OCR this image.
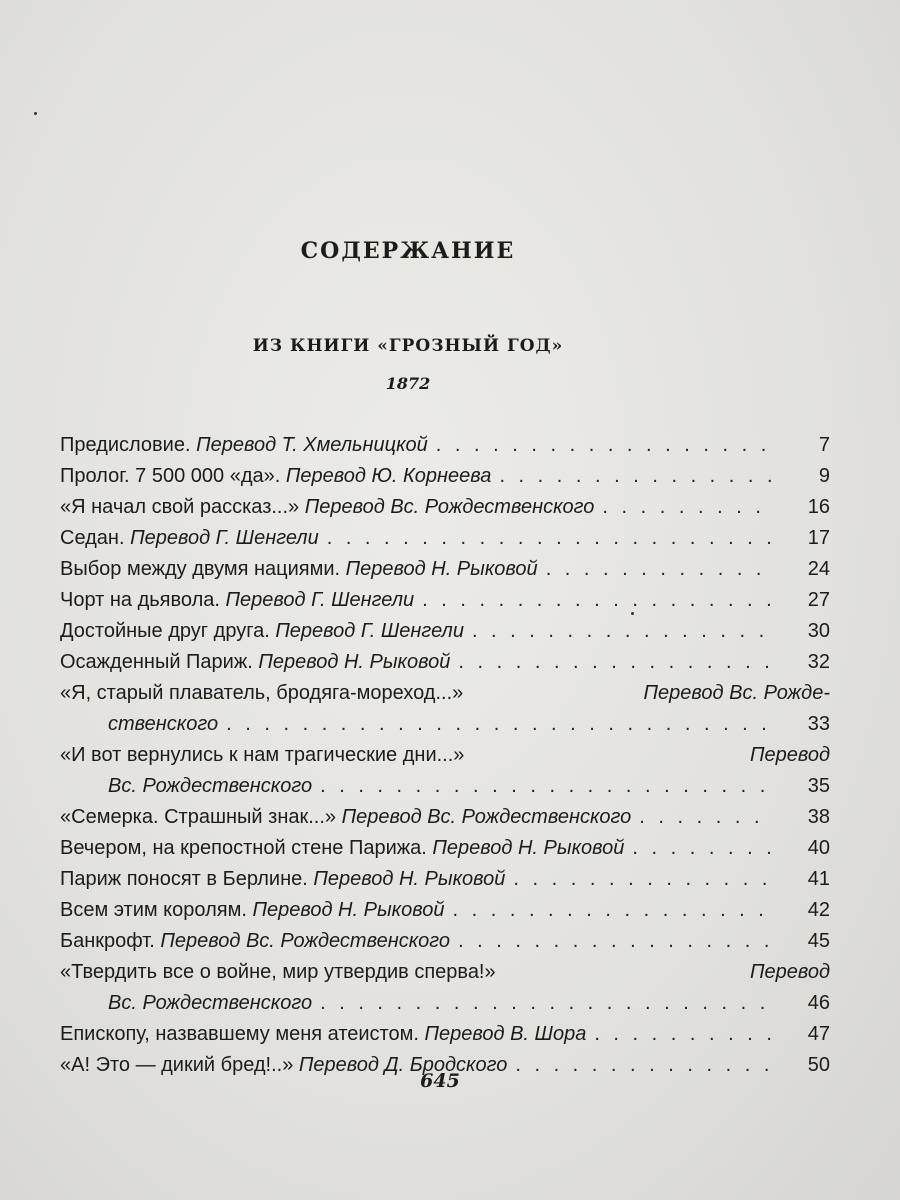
СОДЕРЖАНИЕ
ИЗ КНИГИ «ГРОЗНЫЙ ГОД»
1872
Предисловие. Перевод Т. Хмельницкой . . .	7
Пролог. 7 500 000 «да». Перевод Ю. Корнеева . . .	9
«Я начал свой рассказ...» Перевод Вс. Рождественского . . .	16
Седан. Перевод Г. Шенгели . . .	17
Выбор между двумя нациями. Перевод Н. Рыковой . . .	24
Чорт на дьявола. Перевод Г. Шенгели . . .	27
Достойные друг друга. Перевод Г. Шенгели . . .	30
Осажденный Париж. Перевод Н. Рыковой . . .	32
«Я, старый плаватель, бродяга-мореход...»	Перевод Вс. Рожде-
ственского . . .	33
«И вот вернулись к нам трагические дни...»	Перевод
Вс. Рождественского . . .	35
«Семерка. Страшный знак...» Перевод Вс. Рождественского . . .	38
Вечером, на крепостной стене Парижа. Перевод Н. Рыковой . . .	40
Париж поносят в Берлине. Перевод Н. Рыковой . . .	41
Всем этим королям. Перевод Н. Рыковой . . .	42
Банкрофт. Перевод Вс. Рождественского . . .	45
«Твердить все о войне, мир утвердив сперва!»	Перевод
Вс. Рождественского . . .	46
Епископу, назвавшему меня атеистом. Перевод В. Шора . . .	47
«А! Это — дикий бред!..» Перевод Д. Бродского . . .	50
645
